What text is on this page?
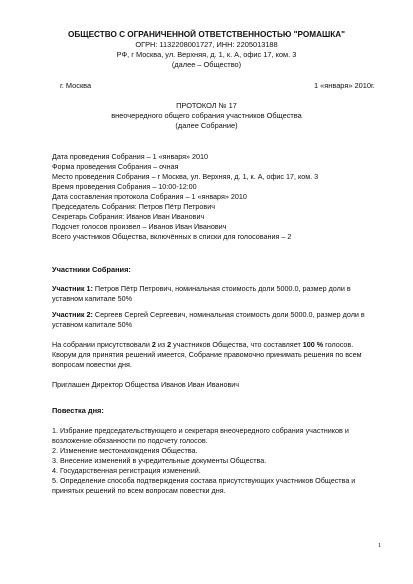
ОБЩЕСТВО С ОГРАНИЧЕННОЙ ОТВЕТСТВЕННОСТЬЮ "РОМАШКА"
ОГРН: 1132208001727, ИНН: 2205013188
РФ, г Москва, ул. Верхняя, д. 1, к. А, офис 17, ком. 3
(далее – Общество)
г. Москва	1 «января» 2010г.
ПРОТОКОЛ № 17
внеочередного общего собрания участников Общества
(далее Собрание)
Дата проведения Собрания – 1 «января» 2010
Форма проведения Собрания – очная
Место проведения Собрания – г Москва, ул. Верхняя, д. 1, к. А, офис 17, ком. 3
Время проведения Собрания – 10:00-12:00
Дата составления протокола Собрания – 1 «января» 2010
Председатель Собрания: Петров Пётр Петрович
Секретарь Собрания: Иванов Иван Иванович
Подсчет голосов произвел – Иванов Иван Иванович
Всего участников Общества, включённых в списки для голосования – 2
Участники Собрания:
Участник 1: Петров Пётр Петрович, номинальная стоимость доли 5000.0, размер доли в
уставном капитале 50%
Участник 2: Сергеев Сергей Сергеевич, номинальная стоимость доли 5000.0, размер доли в
уставном капитале 50%
На собрании присутствовали 2 из 2 участников Общества, что составляет 100 % голосов.
Кворум для принятия решений имеется, Собрание правомочно принимать решения по всем
вопросам повестки дня.
Приглашен Директор Общества Иванов Иван Иванович
Повестка дня:
1. Избрание председательствующего и секретаря внеочередного собрания участников и
возложение обязанности по подсчету голосов.
2. Изменение местонахождения Общества.
3. Внесение изменений в учредительные документы Общества.
4. Государственная регистрация изменений.
5. Определение способа подтверждения состава присутствующих участников Общества и
принятых решений по всем вопросам повестки дня.
1
